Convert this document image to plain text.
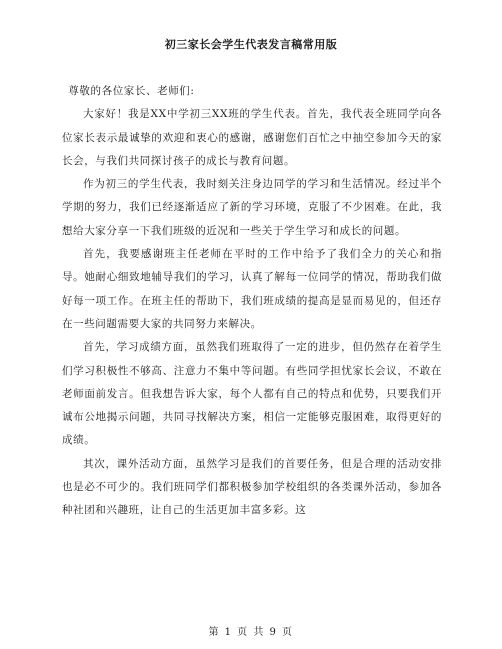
初三家长会学生代表发言稿常用版

尊敬的各位家长、老师们:

大家好！我是XX中学初三XX班的学生代表。首先，我代表全班同学向各位家长表示最诚挚的欢迎和衷心的感谢，感谢您们百忙之中抽空参加今天的家长会，与我们共同探讨孩子的成长与教育问题。

作为初三的学生代表，我时刻关注身边同学的学习和生活情况。经过半个学期的努力，我们已经逐渐适应了新的学习环境，克服了不少困难。在此，我想给大家分享一下我们班级的近况和一些关于学生学习和成长的问题。

首先，我要感谢班主任老师在平时的工作中给予了我们全力的关心和指导。她耐心细致地辅导我们的学习，认真了解每一位同学的情况，帮助我们做好每一项工作。在班主任的帮助下，我们班成绩的提高是显而易见的，但还存在一些问题需要大家的共同努力来解决。

首先，学习成绩方面，虽然我们班取得了一定的进步，但仍然存在着学生们学习积极性不够高、注意力不集中等问题。有些同学担忧家长会议，不敢在老师面前发言。但我想告诉大家，每个人都有自己的特点和优势，只要我们开诚布公地揭示问题，共同寻找解决方案，相信一定能够克服困难，取得更好的成绩。

其次，课外活动方面，虽然学习是我们的首要任务，但是合理的活动安排也是必不可少的。我们班同学们都积极参加学校组织的各类课外活动，参加各种社团和兴趣班，让自己的生活更加丰富多彩。这

第 1 页 共 9 页
